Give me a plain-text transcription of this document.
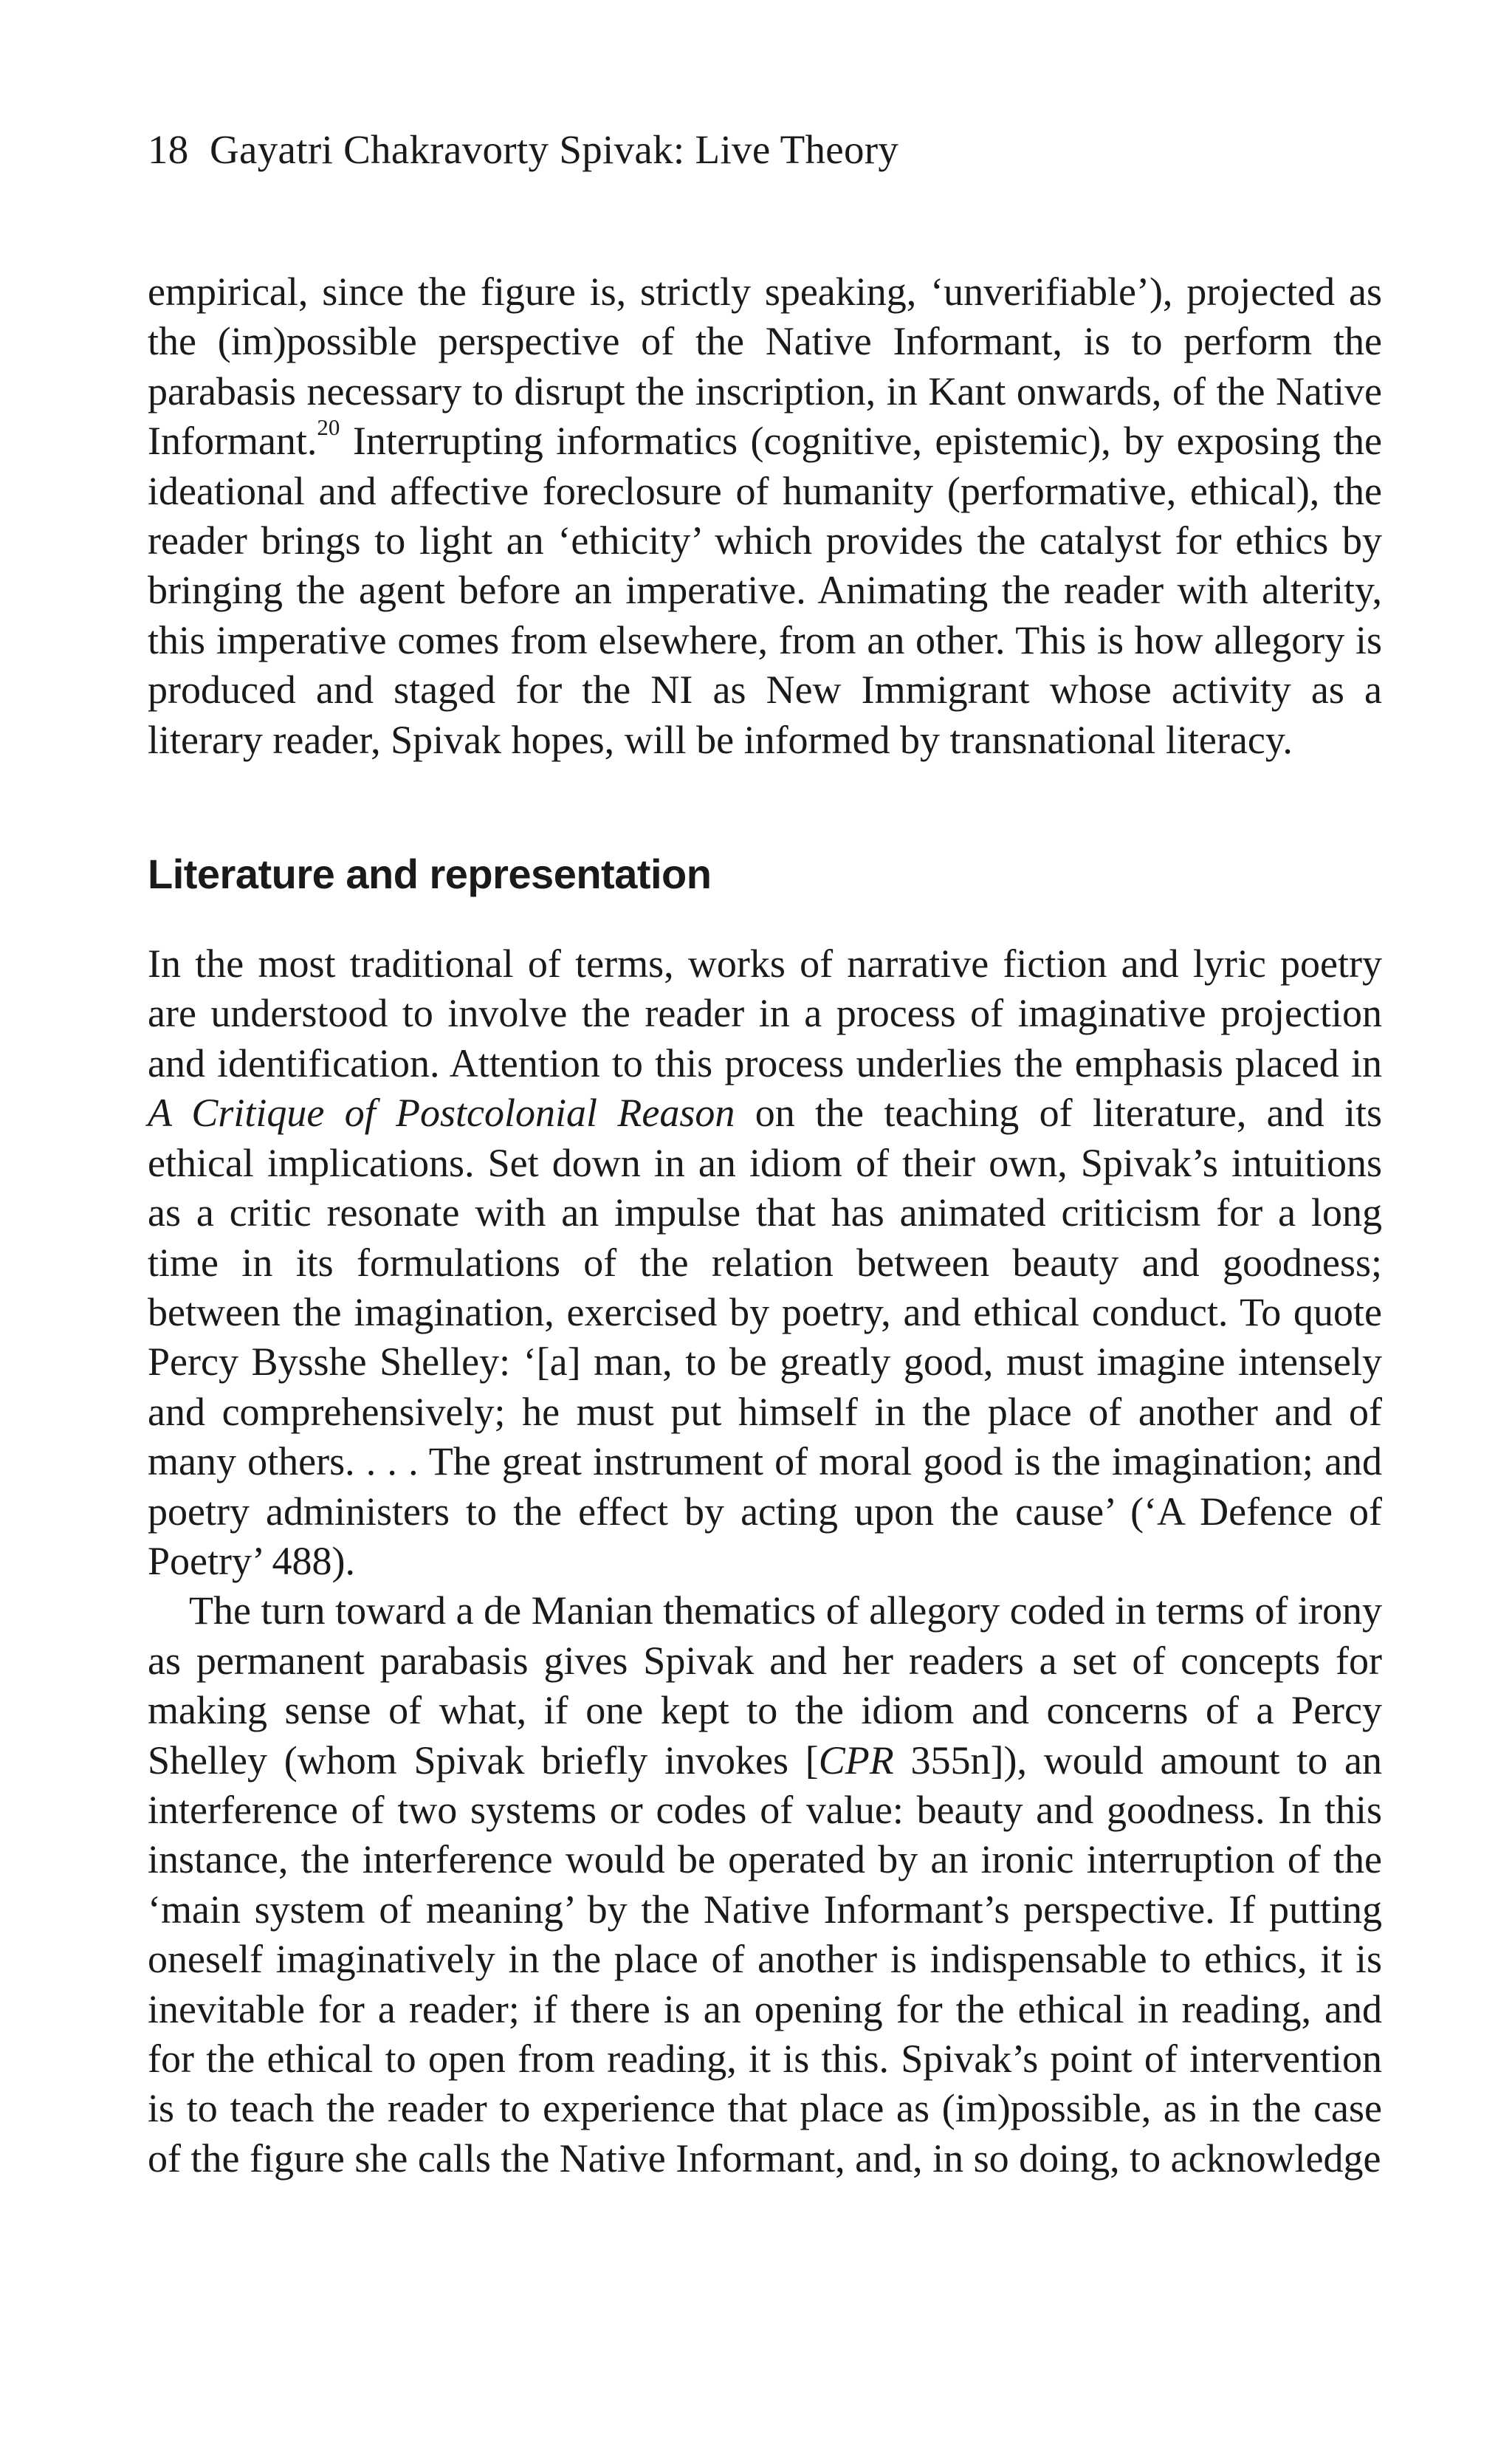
18 Gayatri Chakravorty Spivak: Live Theory

empirical, since the figure is, strictly speaking, ‘unverifiable’), projected as the (im)possible perspective of the Native Informant, is to perform the parabasis necessary to disrupt the inscription, in Kant onwards, of the Native Informant.$^{20}$ Interrupting informatics (cognitive, epistemic), by exposing the ideational and affective foreclosure of humanity (performative, ethical), the reader brings to light an ‘ethicity’ which provides the catalyst for ethics by bringing the agent before an imperative. Animating the reader with alterity, this imperative comes from elsewhere, from an other. This is how allegory is produced and staged for the NI as New Immigrant whose activity as a literary reader, Spivak hopes, will be informed by transnational literacy.

Literature and representation

In the most traditional of terms, works of narrative fiction and lyric poetry are understood to involve the reader in a process of imaginative projection and identification. Attention to this process underlies the emphasis placed in A Critique of Postcolonial Reason on the teaching of literature, and its ethical implications. Set down in an idiom of their own, Spivak’s intuitions as a critic resonate with an impulse that has animated criticism for a long time in its formulations of the relation between beauty and goodness; between the imagination, exercised by poetry, and ethical conduct. To quote Percy Bysshe Shelley: ‘[a] man, to be greatly good, must imagine intensely and comprehensively; he must put himself in the place of another and of many others. . . . The great instrument of moral good is the imagination; and poetry administers to the effect by acting upon the cause’ (‘A Defence of Poetry’ 488).

The turn toward a de Manian thematics of allegory coded in terms of irony as permanent parabasis gives Spivak and her readers a set of concepts for making sense of what, if one kept to the idiom and concerns of a Percy Shelley (whom Spivak briefly invokes [CPR 355n]), would amount to an interference of two systems or codes of value: beauty and goodness. In this instance, the interference would be operated by an ironic interruption of the ‘main system of meaning’ by the Native Informant’s perspective. If putting oneself imaginatively in the place of another is indispensable to ethics, it is inevitable for a reader; if there is an opening for the ethical in reading, and for the ethical to open from reading, it is this. Spivak’s point of intervention is to teach the reader to experience that place as (im)possible, as in the case of the figure she calls the Native Informant, and, in so doing, to acknowledge
